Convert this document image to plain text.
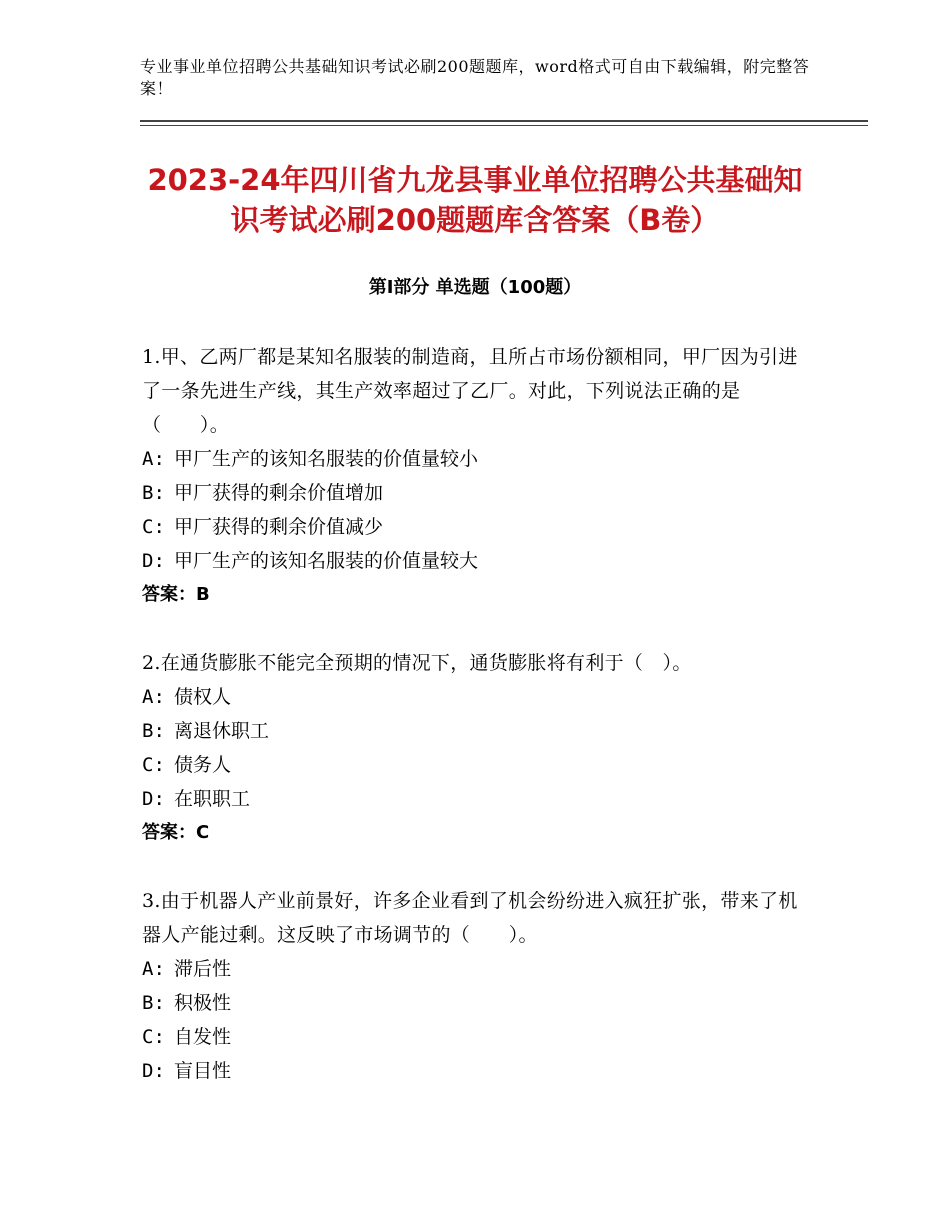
专业事业单位招聘公共基础知识考试必刷200题题库，word格式可自由下载编辑，附完整答案！
2023-24年四川省九龙县事业单位招聘公共基础知识考试必刷200题题库含答案（B卷）
第Ⅰ部分 单选题（100题）
1.甲、乙两厂都是某知名服装的制造商，且所占市场份额相同，甲厂因为引进了一条先进生产线，其生产效率超过了乙厂。对此，下列说法正确的是（　　）。
A: 甲厂生产的该知名服装的价值量较小
B: 甲厂获得的剩余价值增加
C: 甲厂获得的剩余价值减少
D: 甲厂生产的该知名服装的价值量较大
答案：B
2.在通货膨胀不能完全预期的情况下，通货膨胀将有利于（　）。
A: 债权人
B: 离退休职工
C: 债务人
D: 在职职工
答案：C
3.由于机器人产业前景好，许多企业看到了机会纷纷进入疯狂扩张，带来了机器人产能过剩。这反映了市场调节的（　　）。
A: 滞后性
B: 积极性
C: 自发性
D: 盲目性
